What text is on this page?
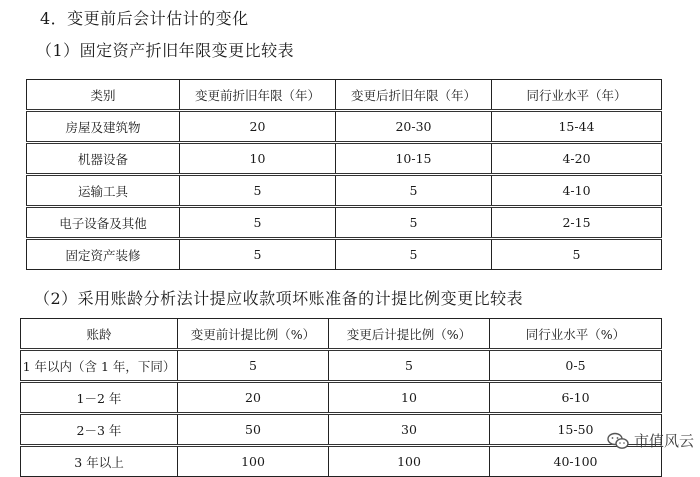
4．变更前后会计估计的变化
（1）固定资产折旧年限变更比较表
类别	变更前折旧年限（年）	变更后折旧年限（年）	同行业水平（年）
房屋及建筑物	20	20-30	15-44
机器设备	10	10-15	4-20
运输工具	5	5	4-10
电子设备及其他	5	5	2-15
固定资产装修	5	5	5
（2）采用账龄分析法计提应收款项坏账准备的计提比例变更比较表
账龄	变更前计提比例（%）	变更后计提比例（%）	同行业水平（%）
1 年以内（含 1 年，下同）	5	5	0-5
1－2 年	20	10	6-10
2－3 年	50	30	15-50
3 年以上	100	100	40-100
市值风云
